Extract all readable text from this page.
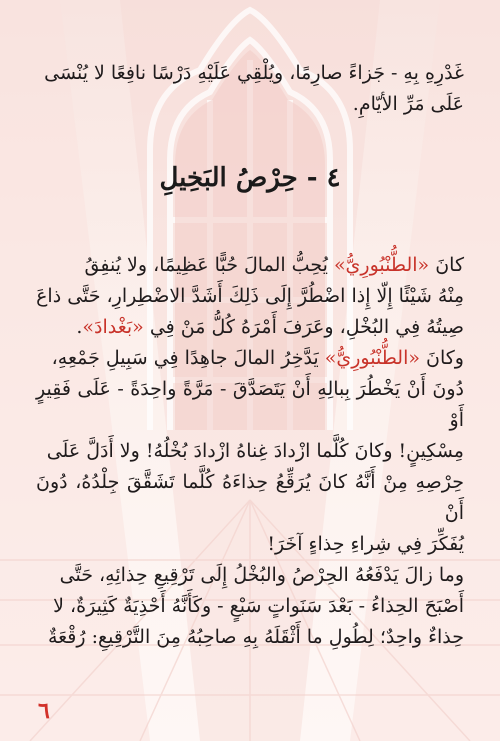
غَدْرِهِ بِهِ - جَزاءً صارِمًا، ويُلْقِي عَلَيْهِ دَرْسًا نافِعًا لا يُنْسَى
عَلَى مَرِّ الأيّامِ.
٤ - حِرْصُ البَخِيلِ
كانَ «الطُّنْبُورِيُّ» يُحِبُّ المالَ حُبًّا عَظِيمًا، ولا يُنفِقُ
مِنْهُ شَيْئًا إِلّا إِذا اضْطُرَّ إِلَى ذَلِكَ أَشَدَّ الاضْطِرارِ، حَتَّى ذاعَ
صِيتُهُ فِي البُخْلِ، وعَرَفَ أَمْرَهُ كُلُّ مَنْ فِي «بَغْدادَ».
وكانَ «الطُّنْبُورِيُّ» يَدَّخِرُ المالَ جاهِدًا فِي سَبِيلِ جَمْعِهِ،
دُونَ أَنْ يَخْطُرَ بِبالِهِ أَنْ يَتَصَدَّقَ - مَرَّةً واحِدَةً - عَلَى فَقِيرٍ أَوْ
مِسْكِينٍ! وكانَ كُلَّما ازْدادَ غِناهُ ازْدادَ بُخْلُهُ! ولا أَدَلَّ عَلَى
حِرْصِهِ مِنْ أَنَّهُ كانَ يُرَقِّعُ حِذاءَهُ كُلَّما تَشَقَّقَ جِلْدُهُ، دُونَ أَنْ
يُفَكِّرَ فِي شِراءِ حِذاءٍ آخَرَ!
وما زالَ يَدْفَعُهُ الحِرْصُ والبُخْلُ إِلَى تَرْقِيعِ حِذائِهِ، حَتَّى
أَصْبَحَ الحِذاءُ - بَعْدَ سَنَواتٍ سَبْعٍ - وكَأَنَّهُ أَحْذِيَةٌ كَثِيرَةٌ، لا
حِذاءٌ واحِدٌ؛ لِطُولِ ما أَثْقَلَهُ بِهِ صاحِبُهُ مِنَ التَّرْقِيعِ: رُقْعَةٌ
٦
